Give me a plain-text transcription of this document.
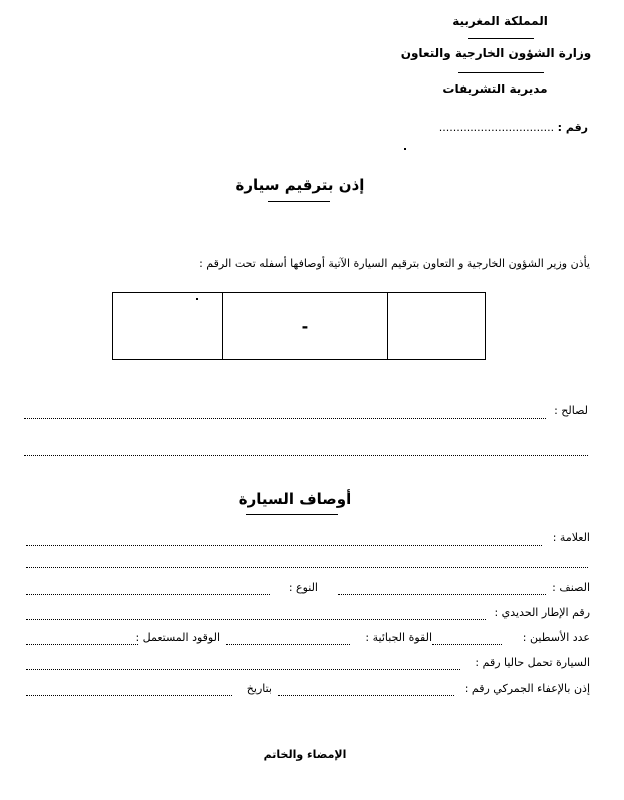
المملكة المغربية
وزارة الشؤون الخارجية والتعاون
مديرية التشريفات
رقم : .................................
إذن بترقيم سيارة
يأذن وزير الشؤون الخارجية و التعاون بترقيم السيارة الآتية أوصافها أسفله تحت الرقم :
-
لصالح :
أوصاف السيارة
العلامة :
الصنف :
النوع :
رقم الإطار الحديدي :
عدد الأسطين :
القوة الجبائية :
الوقود المستعمل :
السيارة تحمل حاليا رقم :
إذن بالإعفاء الجمركي رقم :
بتاريخ
الإمضاء والخاتم
